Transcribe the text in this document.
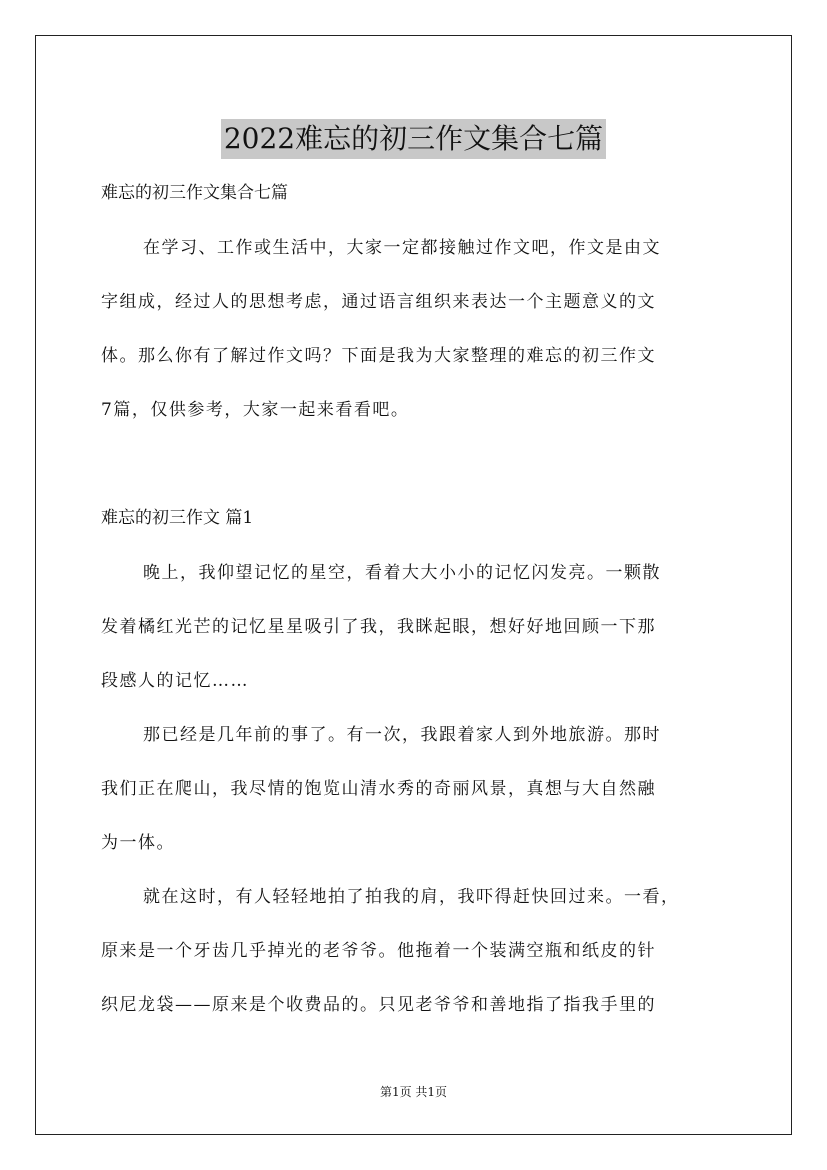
2022难忘的初三作文集合七篇

难忘的初三作文集合七篇

在学习、工作或生活中，大家一定都接触过作文吧，作文是由文
字组成，经过人的思想考虑，通过语言组织来表达一个主题意义的文
体。那么你有了解过作文吗？下面是我为大家整理的难忘的初三作文
7篇，仅供参考，大家一起来看看吧。

难忘的初三作文 篇1

晚上，我仰望记忆的星空，看着大大小小的记忆闪发亮。一颗散
发着橘红光芒的记忆星星吸引了我，我眯起眼，想好好地回顾一下那
段感人的记忆……

那已经是几年前的事了。有一次，我跟着家人到外地旅游。那时
我们正在爬山，我尽情的饱览山清水秀的奇丽风景，真想与大自然融
为一体。

就在这时，有人轻轻地拍了拍我的肩，我吓得赶快回过来。一看，
原来是一个牙齿几乎掉光的老爷爷。他拖着一个装满空瓶和纸皮的针
织尼龙袋——原来是个收费品的。只见老爷爷和善地指了指我手里的

第1页 共1页
